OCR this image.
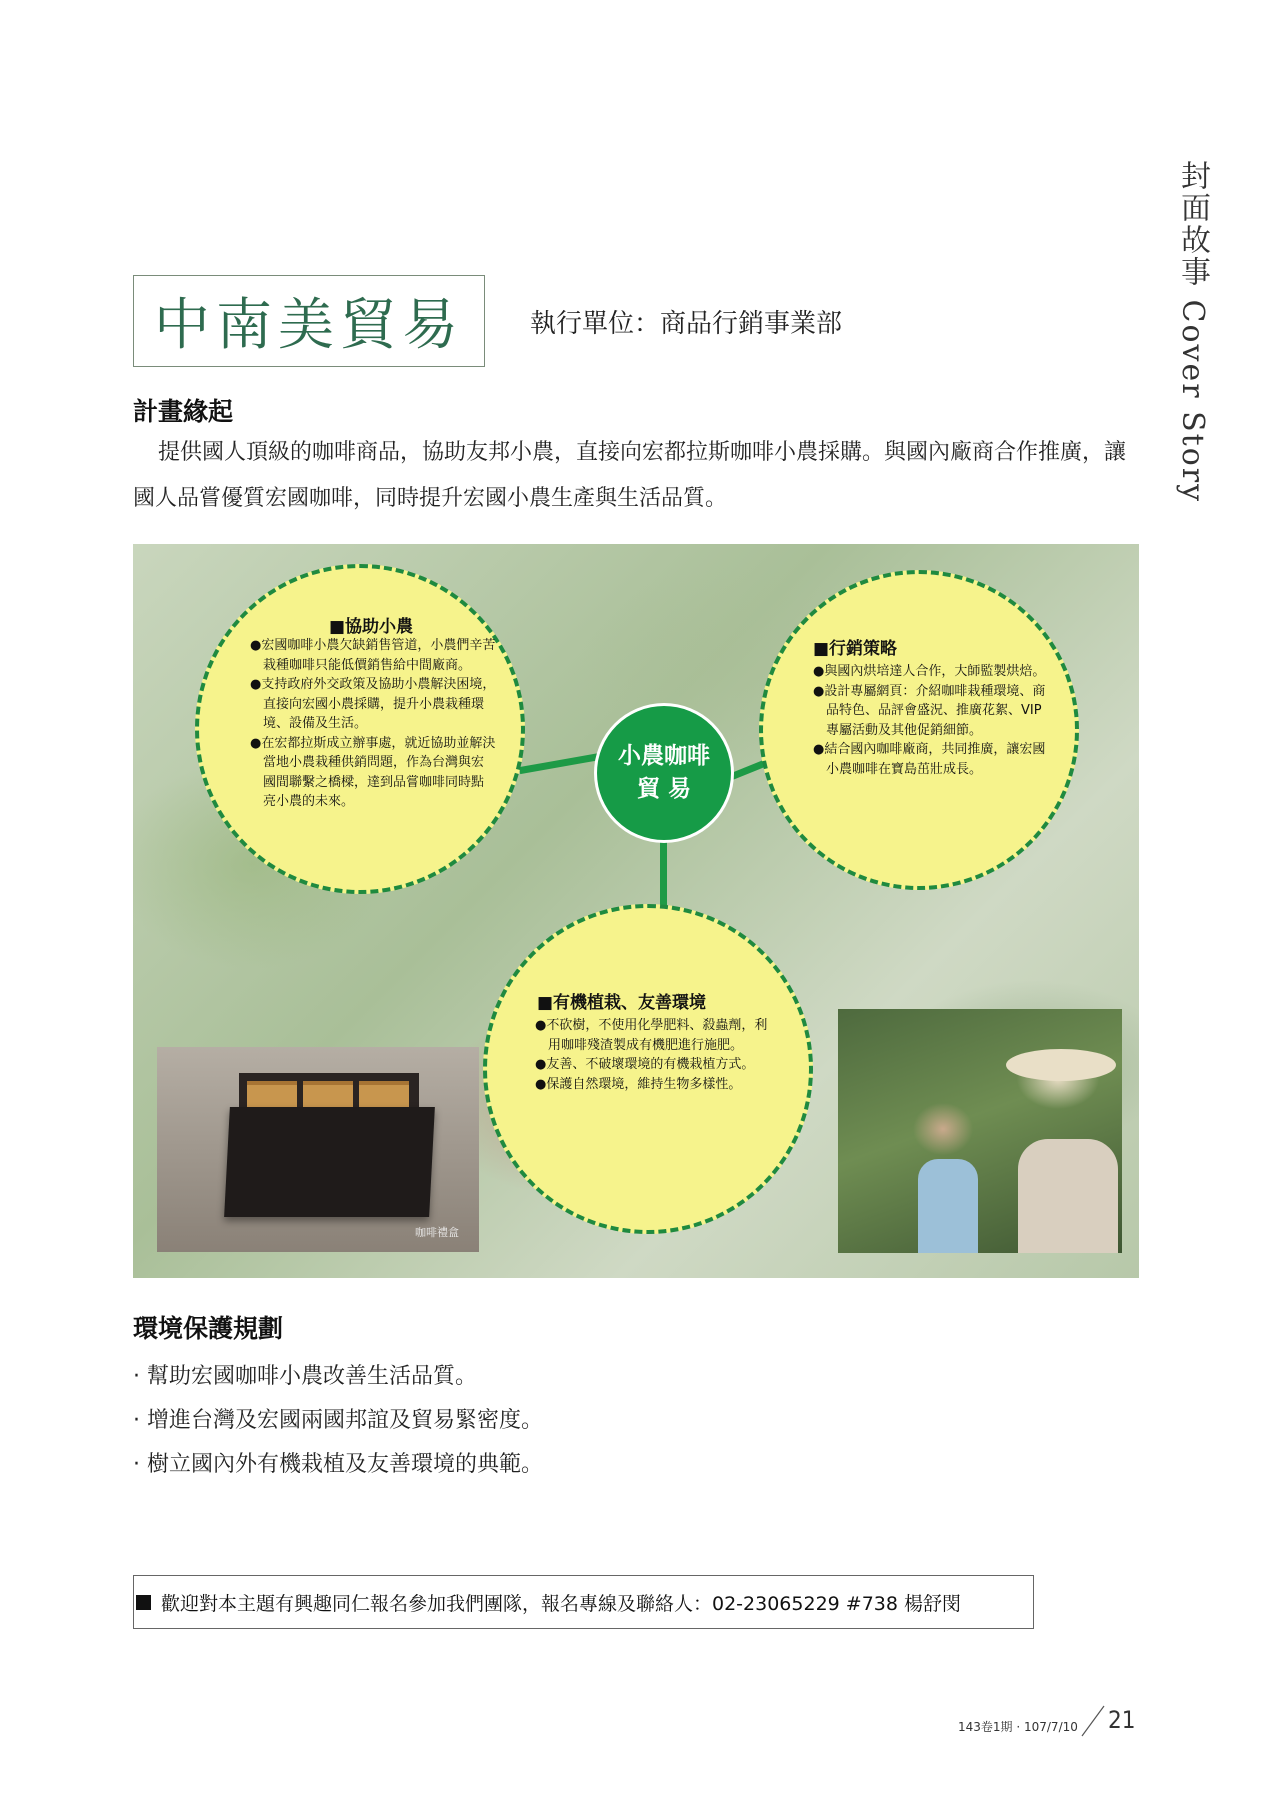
封面故事 Cover Story
中南美貿易	執行單位：商品行銷事業部
計畫緣起

提供國人頂級的咖啡商品，協助友邦小農，直接向宏都拉斯咖啡小農採購。與國內廠商合作推廣，讓國人品嘗優質宏國咖啡，同時提升宏國小農生產與生活品質。

咖啡禮盒
小農咖啡
貿 易
■協助小農
● 宏國咖啡小農欠缺銷售管道，小農們辛苦栽種咖啡只能低價銷售給中間廠商。
● 支持政府外交政策及協助小農解決困境，直接向宏國小農採購，提升小農栽種環境、設備及生活。
● 在宏都拉斯成立辦事處，就近協助並解決當地小農栽種供銷問題，作為台灣與宏國間聯繫之橋樑，達到品嘗咖啡同時點亮小農的未來。
■行銷策略
● 與國內烘培達人合作，大師監製烘焙。
● 設計專屬網頁：介紹咖啡栽種環境、商品特色、品評會盛況、推廣花絮、VIP專屬活動及其他促銷細節。
● 結合國內咖啡廠商，共同推廣，讓宏國小農咖啡在寶島茁壯成長。
■有機植栽、友善環境
● 不砍樹，不使用化學肥料、殺蟲劑，利用咖啡殘渣製成有機肥進行施肥。
● 友善、不破壞環境的有機栽植方式。
● 保護自然環境，維持生物多樣性。
環境保護規劃
· 幫助宏國咖啡小農改善生活品質。
· 增進台灣及宏國兩國邦誼及貿易緊密度。
· 樹立國內外有機栽植及友善環境的典範。
歡迎對本主題有興趣同仁報名參加我們團隊，報名專線及聯絡人：02-23065229 #738 楊舒閔
143卷1期 · 107/7/10 21
